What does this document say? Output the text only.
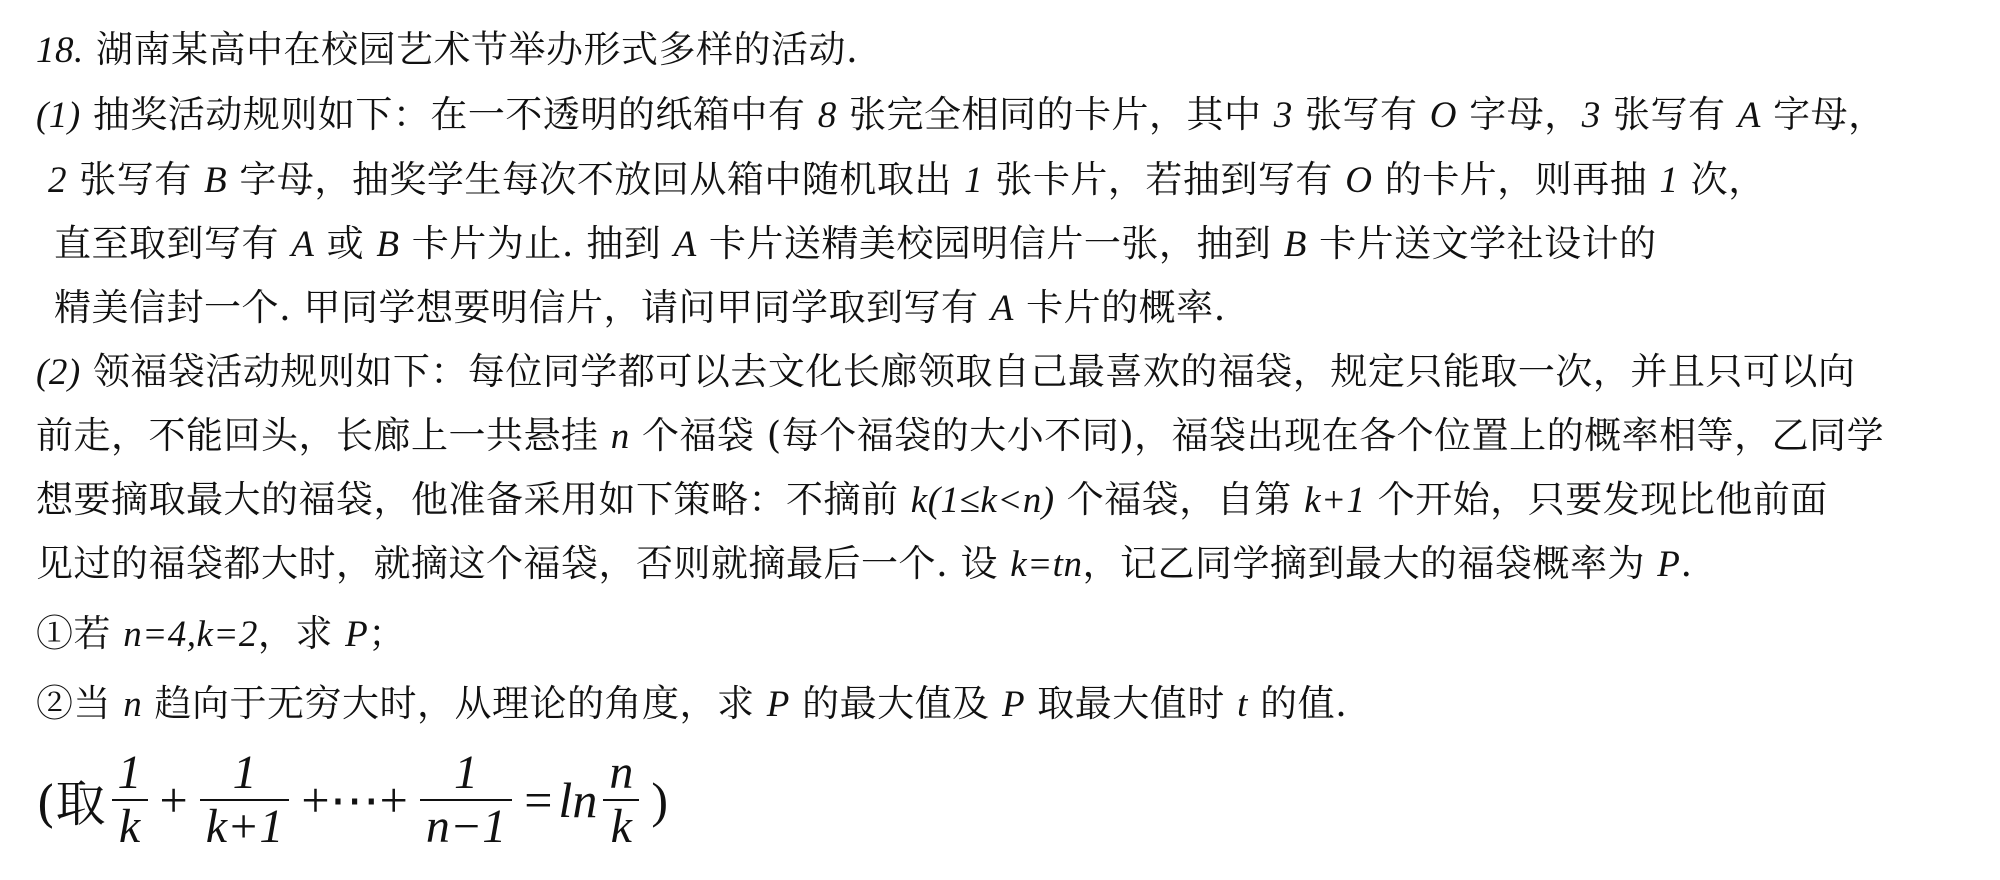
18. 湖南某高中在校园艺术节举办形式多样的活动.
(1) 抽奖活动规则如下：在一不透明的纸箱中有 8 张完全相同的卡片，其中 3 张写有 O 字母，3 张写有 A 字母，
2 张写有 B 字母，抽奖学生每次不放回从箱中随机取出 1 张卡片，若抽到写有 O 的卡片，则再抽 1 次，
直至取到写有 A 或 B 卡片为止. 抽到 A 卡片送精美校园明信片一张，抽到 B 卡片送文学社设计的
精美信封一个. 甲同学想要明信片，请问甲同学取到写有 A 卡片的概率.
(2) 领福袋活动规则如下：每位同学都可以去文化长廊领取自己最喜欢的福袋，规定只能取一次，并且只可以向
前走，不能回头，长廊上一共悬挂 n 个福袋 (每个福袋的大小不同)，福袋出现在各个位置上的概率相等，乙同学
想要摘取最大的福袋，他准备采用如下策略：不摘前 k(1≤k<n) 个福袋，自第 k+1 个开始，只要发现比他前面
见过的福袋都大时，就摘这个福袋，否则就摘最后一个. 设 k=tn，记乙同学摘到最大的福袋概率为 P.
①若 n=4,k=2，求 P；
②当 n 趋向于无穷大时，从理论的角度，求 P 的最大值及 P 取最大值时 t 的值.
(取 $\frac{1}{k} + \frac{1}{k+1}$ +⋯+ $\frac{1}{n-1} = \ln \frac{n}{k}$ )
